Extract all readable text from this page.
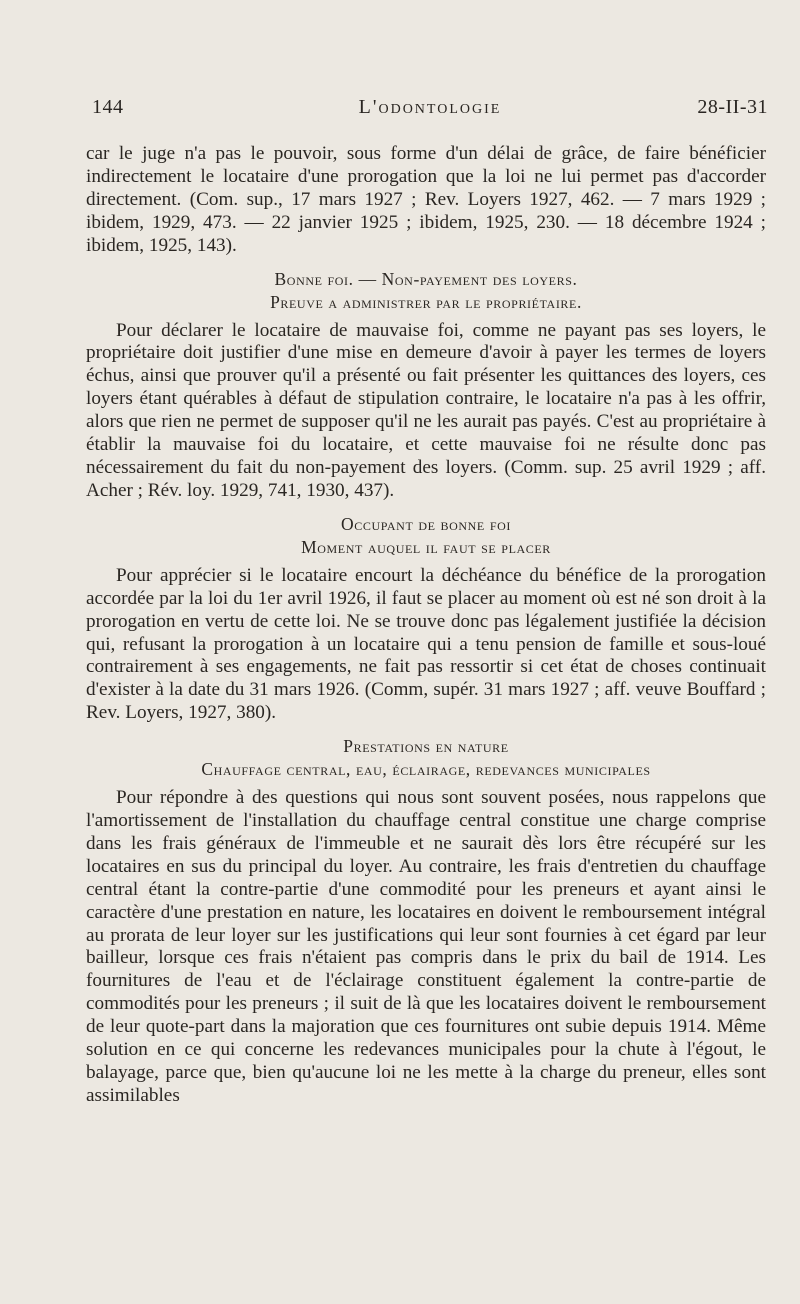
144	L'odontologie	28-II-31

car le juge n'a pas le pouvoir, sous forme d'un délai de grâce, de faire bénéficier indirectement le locataire d'une prorogation que la loi ne lui permet pas d'accorder directement. (Com. sup., 17 mars 1927 ; Rev. Loyers 1927, 462. — 7 mars 1929 ; ibidem, 1929, 473. — 22 janvier 1925 ; ibidem, 1925, 230. — 18 décembre 1924 ; ibidem, 1925, 143).

Bonne foi. — Non-payement des loyers.

Preuve a administrer par le propriétaire.

Pour déclarer le locataire de mauvaise foi, comme ne payant pas ses loyers, le propriétaire doit justifier d'une mise en demeure d'avoir à payer les termes de loyers échus, ainsi que prouver qu'il a présenté ou fait présenter les quittances des loyers, ces loyers étant quérables à défaut de stipulation contraire, le locataire n'a pas à les offrir, alors que rien ne permet de supposer qu'il ne les aurait pas payés. C'est au propriétaire à établir la mauvaise foi du locataire, et cette mauvaise foi ne résulte donc pas nécessairement du fait du non-payement des loyers. (Comm. sup. 25 avril 1929 ; aff. Acher ; Rév. loy. 1929, 741, 1930, 437).

Occupant de bonne foi

Moment auquel il faut se placer

Pour apprécier si le locataire encourt la déchéance du bénéfice de la prorogation accordée par la loi du 1er avril 1926, il faut se placer au moment où est né son droit à la prorogation en vertu de cette loi. Ne se trouve donc pas légalement justifiée la décision qui, refusant la prorogation à un locataire qui a tenu pension de famille et sous-loué contrairement à ses engagements, ne fait pas ressortir si cet état de choses continuait d'exister à la date du 31 mars 1926. (Comm, supér. 31 mars 1927 ; aff. veuve Bouffard ; Rev. Loyers, 1927, 380).

Prestations en nature

Chauffage central, eau, éclairage, redevances municipales

Pour répondre à des questions qui nous sont souvent posées, nous rappelons que l'amortissement de l'installation du chauffage central constitue une charge comprise dans les frais généraux de l'immeuble et ne saurait dès lors être récupéré sur les locataires en sus du principal du loyer. Au contraire, les frais d'entretien du chauffage central étant la contre-partie d'une commodité pour les preneurs et ayant ainsi le caractère d'une prestation en nature, les locataires en doivent le remboursement intégral au prorata de leur loyer sur les justifications qui leur sont fournies à cet égard par leur bailleur, lorsque ces frais n'étaient pas compris dans le prix du bail de 1914. Les fournitures de l'eau et de l'éclairage constituent également la contre-partie de commodités pour les preneurs ; il suit de là que les locataires doivent le remboursement de leur quote-part dans la majoration que ces fournitures ont subie depuis 1914. Même solution en ce qui concerne les redevances municipales pour la chute à l'égout, le balayage, parce que, bien qu'aucune loi ne les mette à la charge du preneur, elles sont assimilables
